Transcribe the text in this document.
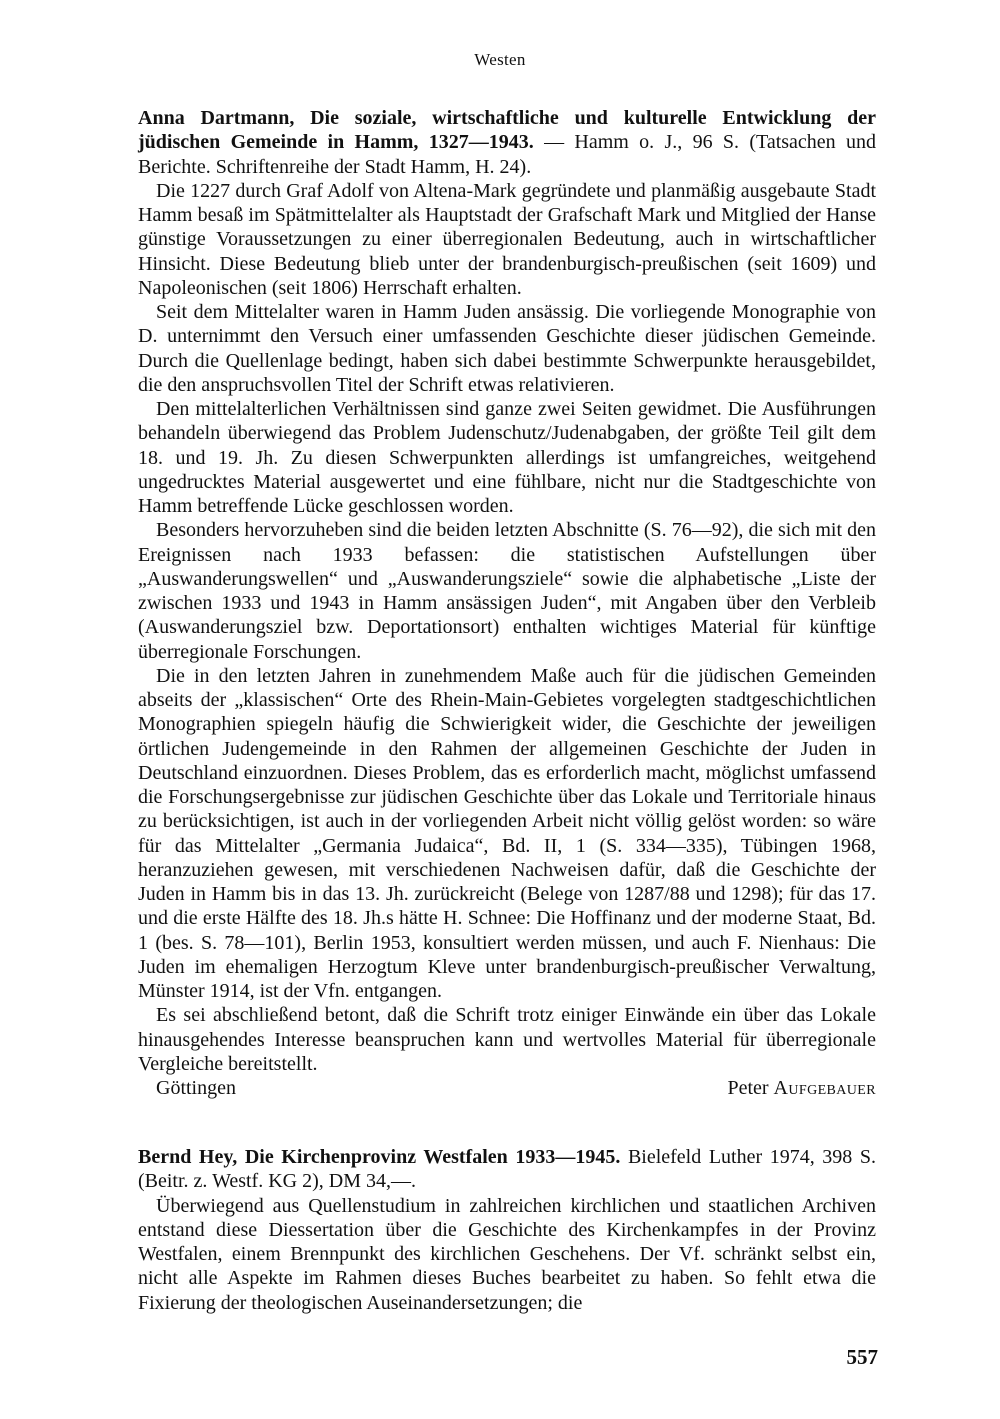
Westen

Anna Dartmann, Die soziale, wirtschaftliche und kulturelle Entwicklung der jüdischen Gemeinde in Hamm, 1327—1943. — Hamm o. J., 96 S. (Tatsachen und Berichte. Schriftenreihe der Stadt Hamm, H. 24).

Die 1227 durch Graf Adolf von Altena-Mark gegründete und planmäßig ausgebaute Stadt Hamm besaß im Spätmittelalter als Hauptstadt der Grafschaft Mark und Mitglied der Hanse günstige Voraussetzungen zu einer überregionalen Bedeutung, auch in wirtschaftlicher Hinsicht. Diese Bedeutung blieb unter der brandenburgisch-preußischen (seit 1609) und Napoleonischen (seit 1806) Herrschaft erhalten.

Seit dem Mittelalter waren in Hamm Juden ansässig. Die vorliegende Monographie von D. unternimmt den Versuch einer umfassenden Geschichte dieser jüdischen Gemeinde. Durch die Quellenlage bedingt, haben sich dabei bestimmte Schwerpunkte herausgebildet, die den anspruchsvollen Titel der Schrift etwas relativieren.

Den mittelalterlichen Verhältnissen sind ganze zwei Seiten gewidmet. Die Ausführungen behandeln überwiegend das Problem Judenschutz/Judenabgaben, der größte Teil gilt dem 18. und 19. Jh. Zu diesen Schwerpunkten allerdings ist umfangreiches, weitgehend ungedrucktes Material ausgewertet und eine fühlbare, nicht nur die Stadtgeschichte von Hamm betreffende Lücke geschlossen worden.

Besonders hervorzuheben sind die beiden letzten Abschnitte (S. 76—92), die sich mit den Ereignissen nach 1933 befassen: die statistischen Aufstellungen über „Auswanderungswellen“ und „Auswanderungsziele“ sowie die alphabetische „Liste der zwischen 1933 und 1943 in Hamm ansässigen Juden“, mit Angaben über den Verbleib (Auswanderungsziel bzw. Deportationsort) enthalten wichtiges Material für künftige überregionale Forschungen.

Die in den letzten Jahren in zunehmendem Maße auch für die jüdischen Gemeinden abseits der „klassischen“ Orte des Rhein-Main-Gebietes vorgelegten stadtgeschichtlichen Monographien spiegeln häufig die Schwierigkeit wider, die Geschichte der jeweiligen örtlichen Judengemeinde in den Rahmen der allgemeinen Geschichte der Juden in Deutschland einzuordnen. Dieses Problem, das es erforderlich macht, möglichst umfassend die Forschungsergebnisse zur jüdischen Geschichte über das Lokale und Territoriale hinaus zu berücksichtigen, ist auch in der vorliegenden Arbeit nicht völlig gelöst worden: so wäre für das Mittelalter „Germania Judaica“, Bd. II, 1 (S. 334—335), Tübingen 1968, heranzuziehen gewesen, mit verschiedenen Nachweisen dafür, daß die Geschichte der Juden in Hamm bis in das 13. Jh. zurückreicht (Belege von 1287/88 und 1298); für das 17. und die erste Hälfte des 18. Jh.s hätte H. Schnee: Die Hoffinanz und der moderne Staat, Bd. 1 (bes. S. 78—101), Berlin 1953, konsultiert werden müssen, und auch F. Nienhaus: Die Juden im ehemaligen Herzogtum Kleve unter brandenburgisch-preußischer Verwaltung, Münster 1914, ist der Vfn. entgangen.

Es sei abschließend betont, daß die Schrift trotz einiger Einwände ein über das Lokale hinausgehendes Interesse beanspruchen kann und wertvolles Material für überregionale Vergleiche bereitstellt.

Göttingen	Peter Aufgebauer

Bernd Hey, Die Kirchenprovinz Westfalen 1933—1945. Bielefeld Luther 1974, 398 S. (Beitr. z. Westf. KG 2), DM 34,—.

Überwiegend aus Quellenstudium in zahlreichen kirchlichen und staatlichen Archiven entstand diese Diessertation über die Geschichte des Kirchenkampfes in der Provinz Westfalen, einem Brennpunkt des kirchlichen Geschehens. Der Vf. schränkt selbst ein, nicht alle Aspekte im Rahmen dieses Buches bearbeitet zu haben. So fehlt etwa die Fixierung der theologischen Auseinandersetzungen; die

557
